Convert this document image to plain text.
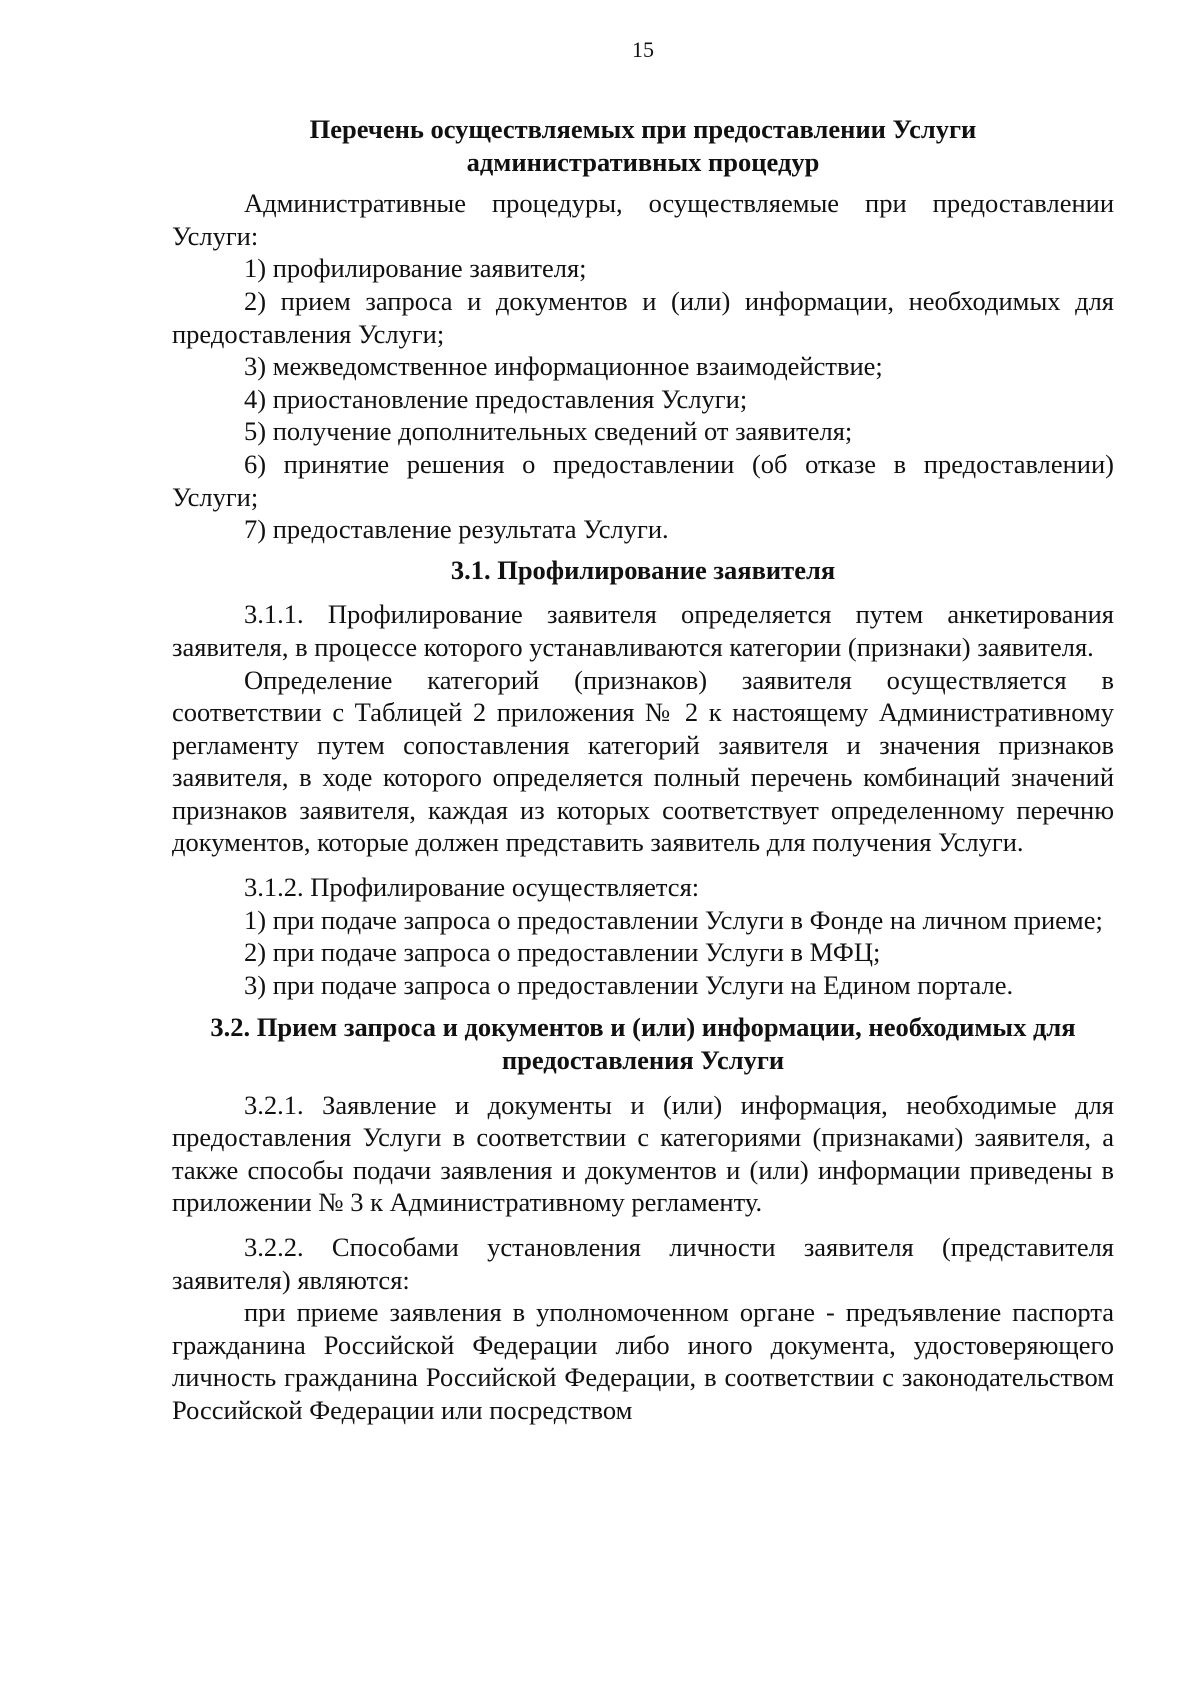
15
Перечень осуществляемых при предоставлении Услуги
административных процедур

Административные процедуры, осуществляемые при предоставлении Услуги:

1) профилирование заявителя;

2) прием запроса и документов и (или) информации, необходимых для предоставления Услуги;

3) межведомственное информационное взаимодействие;

4) приостановление предоставления Услуги;

5) получение дополнительных сведений от заявителя;

6) принятие решения о предоставлении (об отказе в предоставлении) Услуги;

7) предоставление результата Услуги.

3.1. Профилирование заявителя

3.1.1. Профилирование заявителя определяется путем анкетирования заявителя, в процессе которого устанавливаются категории (признаки) заявителя.

Определение категорий (признаков) заявителя осуществляется в соответствии с Таблицей 2 приложения № 2 к настоящему Административному регламенту путем сопоставления категорий заявителя и значения признаков заявителя, в ходе которого определяется полный перечень комбинаций значений признаков заявителя, каждая из которых соответствует определенному перечню документов, которые должен представить заявитель для получения Услуги.

3.1.2. Профилирование осуществляется:

1) при подаче запроса о предоставлении Услуги в Фонде на личном приеме;

2) при подаче запроса о предоставлении Услуги в МФЦ;

3) при подаче запроса о предоставлении Услуги на Едином портале.

3.2. Прием запроса и документов и (или) информации, необходимых для
предоставления Услуги

3.2.1. Заявление и документы и (или) информация, необходимые для предоставления Услуги в соответствии с категориями (признаками) заявителя, а также способы подачи заявления и документов и (или) информации приведены в приложении № 3 к Административному регламенту.

3.2.2. Способами установления личности заявителя (представителя заявителя) являются:

при приеме заявления в уполномоченном органе - предъявление паспорта гражданина Российской Федерации либо иного документа, удостоверяющего личность гражданина Российской Федерации, в соответствии с законодательством Российской Федерации или посредством
